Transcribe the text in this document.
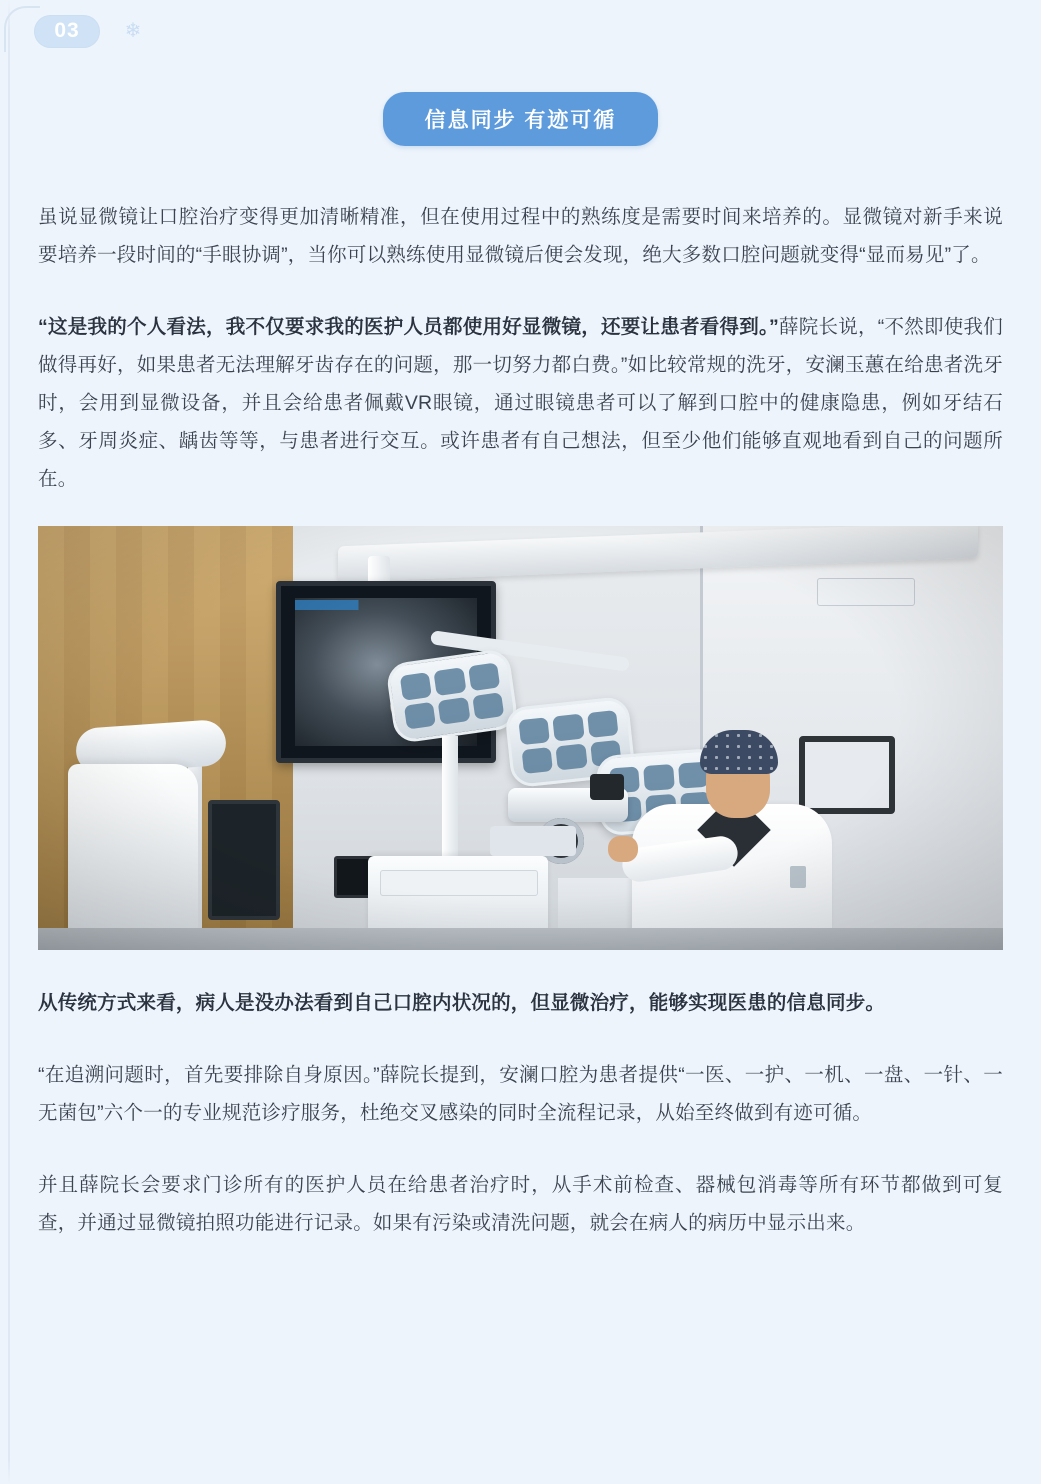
03	❄
信息同步 有迹可循

虽说显微镜让口腔治疗变得更加清晰精准，但在使用过程中的熟练度是需要时间来培养的。显微镜对新手来说要培养一段时间的“手眼协调”，当你可以熟练使用显微镜后便会发现，绝大多数口腔问题就变得“显而易见”了。

“这是我的个人看法，我不仅要求我的医护人员都使用好显微镜，还要让患者看得到。”薛院长说，“不然即使我们做得再好，如果患者无法理解牙齿存在的问题，那一切努力都白费。”如比较常规的洗牙，安澜玉蕙在给患者洗牙时，会用到显微设备，并且会给患者佩戴VR眼镜，通过眼镜患者可以了解到口腔中的健康隐患，例如牙结石多、牙周炎症、龋齿等等，与患者进行交互。或许患者有自己想法，但至少他们能够直观地看到自己的问题所在。

从传统方式来看，病人是没办法看到自己口腔内状况的，但显微治疗，能够实现医患的信息同步。

“在追溯问题时，首先要排除自身原因。”薛院长提到，安澜口腔为患者提供“一医、一护、一机、一盘、一针、一无菌包”六个一的专业规范诊疗服务，杜绝交叉感染的同时全流程记录，从始至终做到有迹可循。

并且薛院长会要求门诊所有的医护人员在给患者治疗时，从手术前检查、器械包消毒等所有环节都做到可复查，并通过显微镜拍照功能进行记录。如果有污染或清洗问题，就会在病人的病历中显示出来。
